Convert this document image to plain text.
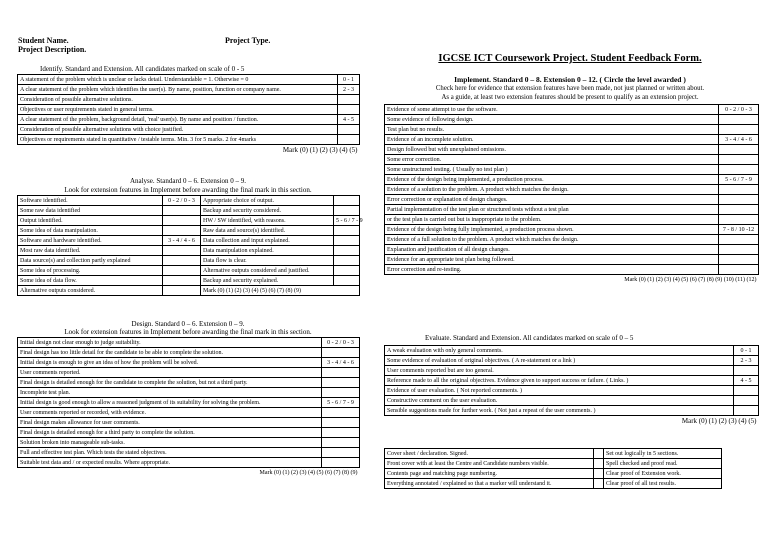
Student Name.	Project Type.
Project Description.
Identify. Standard and Extension. All candidates marked on scale of 0 - 5
A statement of the problem which is unclear or lacks detail. Understandable = 1. Otherwise = 0	0 - 1
A clear statement of the problem which identifies the user(s). By name, position, function or company name.	2 - 3
Consideration of possible alternative solutions.	
Objectives or user requirements stated in general terms.	
A clear statement of the problem, background detail, 'real' user(s). By name and position / function.	4 - 5
Consideration of possible alternative solutions with choice justified.	
Objectives or requirements stated in quantitative / testable terms. Min. 3 for 5 marks. 2 for 4marks	
Mark (0) (1) (2) (3) (4) (5)	
Analyse. Standard 0 – 6. Extension 0 – 9.
Look for extension features in Implement before awarding the final mark in this section.
Software identified.	0 - 2 / 0 - 3	Appropriate choice of output.	
Some raw data identified		Backup and security considered.	
Output identified.		HW / SW identified, with reasons.	5 - 6 / 7 - 9
Some idea of data manipulation.		Raw data and source(s) identified.	
Software and hardware identified.	3 - 4 / 4 - 6	Data collection and input explained.	
Most raw data identified.		Data manipulation explained.	
Data source(s) and collection partly explained		Data flow is clear.	
Some idea of processing.		Alternative outputs considered and justified.	
Some idea of data flow.		Backup and security explained.	
Alternative outputs considered.		Mark (0) (1) (2) (3) (4) (5) (6) (7) (8) (9)	
Design. Standard 0 – 6. Extension 0 – 9.
Look for extension features in Implement before awarding the final mark in this section.
Initial design not clear enough to judge suitability.	0 - 2 / 0 - 3
Final design has too little detail for the candidate to be able to complete the solution.	
Initial design is enough to give an idea of how the problem will be solved.	3 - 4 / 4 - 6
User comments reported.	
Final design is detailed enough for the candidate to complete the solution, but not a third party.	
Incomplete test plan.	
Initial design is good enough to allow a reasoned judgment of its suitability for solving the problem.	5 - 6 / 7 - 9
User comments reported or recorded, with evidence.	
Final design makes allowance for user comments.	
Final design is detailed enough for a third party to complete the solution.	
Solution broken into manageable sub-tasks.	
Full and effective test plan. Which tests the stated objectives.	
Suitable test data and / or expected results. Where appropriate.	
Mark (0) (1) (2) (3) (4) (5) (6) (7) (8) (9)	
IGCSE ICT Coursework Project. Student Feedback Form.
Implement. Standard 0 – 8. Extension 0 – 12. ( Circle the level awarded )
Check here for evidence that extension features have been made, not just planned or written about.
As a guide, at least two extension features should be present to qualify as an extension project.
Evidence of some attempt to use the software.	0 - 2 / 0 - 3
Some evidence of following design.	
Test plan but no results.	
Evidence of an incomplete solution.	3 - 4 / 4 - 6
Design followed but with unexplained omissions.	
Some error correction.	
Some unstructured testing. ( Usually no test plan )	
Evidence of the design being implemented, a production process.	5 - 6 / 7 - 9
Evidence of a solution to the problem. A product which matches the design.	
Error correction or explanation of design changes.	
Partial implementation of the test plan or structured tests without a test plan	
or the test plan is carried out but is inappropriate to the problem.	
Evidence of the design being fully implemented, a production process shown.	7 - 8 / 10 -12
Evidence of a full solution to the problem. A product which matches the design.	
Explanation and justification of all design changes.	
Evidence for an appropriate test plan being followed.	
Error correction and re-testing.	
Mark (0) (1) (2) (3) (4) (5) (6) (7) (8) (9) (10) (11) (12)	
Evaluate. Standard and Extension. All candidates marked on scale of 0 – 5
A weak evaluation with only general comments.	0 - 1
Some evidence of evaluation of original objectives. ( A re-statement or a link )	2 - 3
User comments reported but are too general.	
Reference made to all the original objectives. Evidence given to support success or failure. ( Links. )	4 - 5
Evidence of user evaluation. ( Not reported comments. )	
Constructive comment on the user evaluation.	
Sensible suggestions made for further work. ( Not just a repeat of the user comments. )	
Mark (0) (1) (2) (3) (4) (5)	
Cover sheet / declaration. Signed.		Set out logically in 5 sections.
Front cover with at least the Centre and Candidate numbers visible.		Spell checked and proof read.
Contents page and matching page numbering.		Clear proof of Extension work.
Everything annotated / explained so that a marker will understand it.		Clear proof of all test results.
